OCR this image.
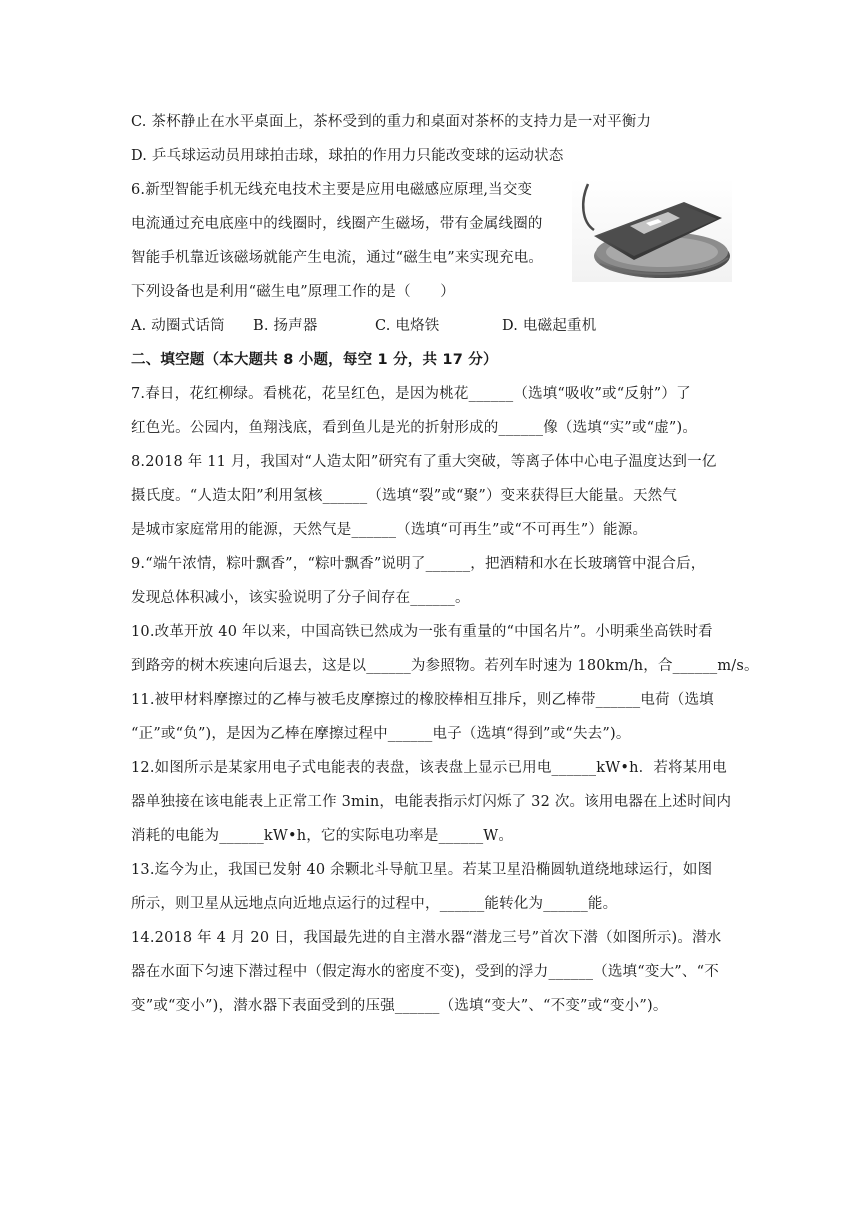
C. 茶杯静止在水平桌面上，茶杯受到的重力和桌面对茶杯的支持力是一对平衡力
D. 乒乓球运动员用球拍击球，球拍的作用力只能改变球的运动状态
6.新型智能手机无线充电技术主要是应用电磁感应原理,当交变
电流通过充电底座中的线圈时，线圈产生磁场，带有金属线圈的
智能手机靠近该磁场就能产生电流，通过“磁生电”来实现充电。
下列设备也是利用“磁生电”原理工作的是（　　）
A. 动圈式话筒 B. 扬声器	C. 电烙铁	D. 电磁起重机
二、填空题（本大题共 8 小题，每空 1 分，共 17 分）
7.春日，花红柳绿。看桃花，花呈红色，是因为桃花______（选填“吸收”或“反射”）了
红色光。公园内，鱼翔浅底，看到鱼儿是光的折射形成的______像（选填“实”或“虚”)。
8.2018 年 11 月，我国对“人造太阳”研究有了重大突破，等离子体中心电子温度达到一亿
摄氏度。“人造太阳”利用氢核______（选填“裂”或“聚”）变来获得巨大能量。天然气
是城市家庭常用的能源，天然气是______（选填“可再生”或“不可再生”）能源。
9.“端午浓情，粽叶飘香”，“粽叶飘香”说明了______，把酒精和水在长玻璃管中混合后，
发现总体积减小，该实验说明了分子间存在______。
10.改革开放 40 年以来，中国高铁已然成为一张有重量的“中国名片”。小明乘坐高铁时看
到路旁的树木疾速向后退去，这是以______为参照物。若列车时速为 180km/h，合______m/s。
11.被甲材料摩擦过的乙棒与被毛皮摩擦过的橡胶棒相互排斥，则乙棒带______电荷（选填
“正”或“负”)，是因为乙棒在摩擦过程中______电子（选填“得到”或“失去”)。
12.如图所示是某家用电子式电能表的表盘，该表盘上显示已用电______kW•h．若将某用电
器单独接在该电能表上正常工作 3min，电能表指示灯闪烁了 32 次。该用电器在上述时间内
消耗的电能为______kW•h，它的实际电功率是______W。
13.迄今为止，我国已发射 40 余颗北斗导航卫星。若某卫星沿椭圆轨道绕地球运行，如图
所示，则卫星从远地点向近地点运行的过程中，______能转化为______能。
14.2018 年 4 月 20 日，我国最先进的自主潜水器“潜龙三号”首次下潜（如图所示)。潜水
器在水面下匀速下潜过程中（假定海水的密度不变)，受到的浮力______（选填“变大”、“不
变”或“变小”)，潜水器下表面受到的压强______（选填“变大”、“不变”或“变小”)。
